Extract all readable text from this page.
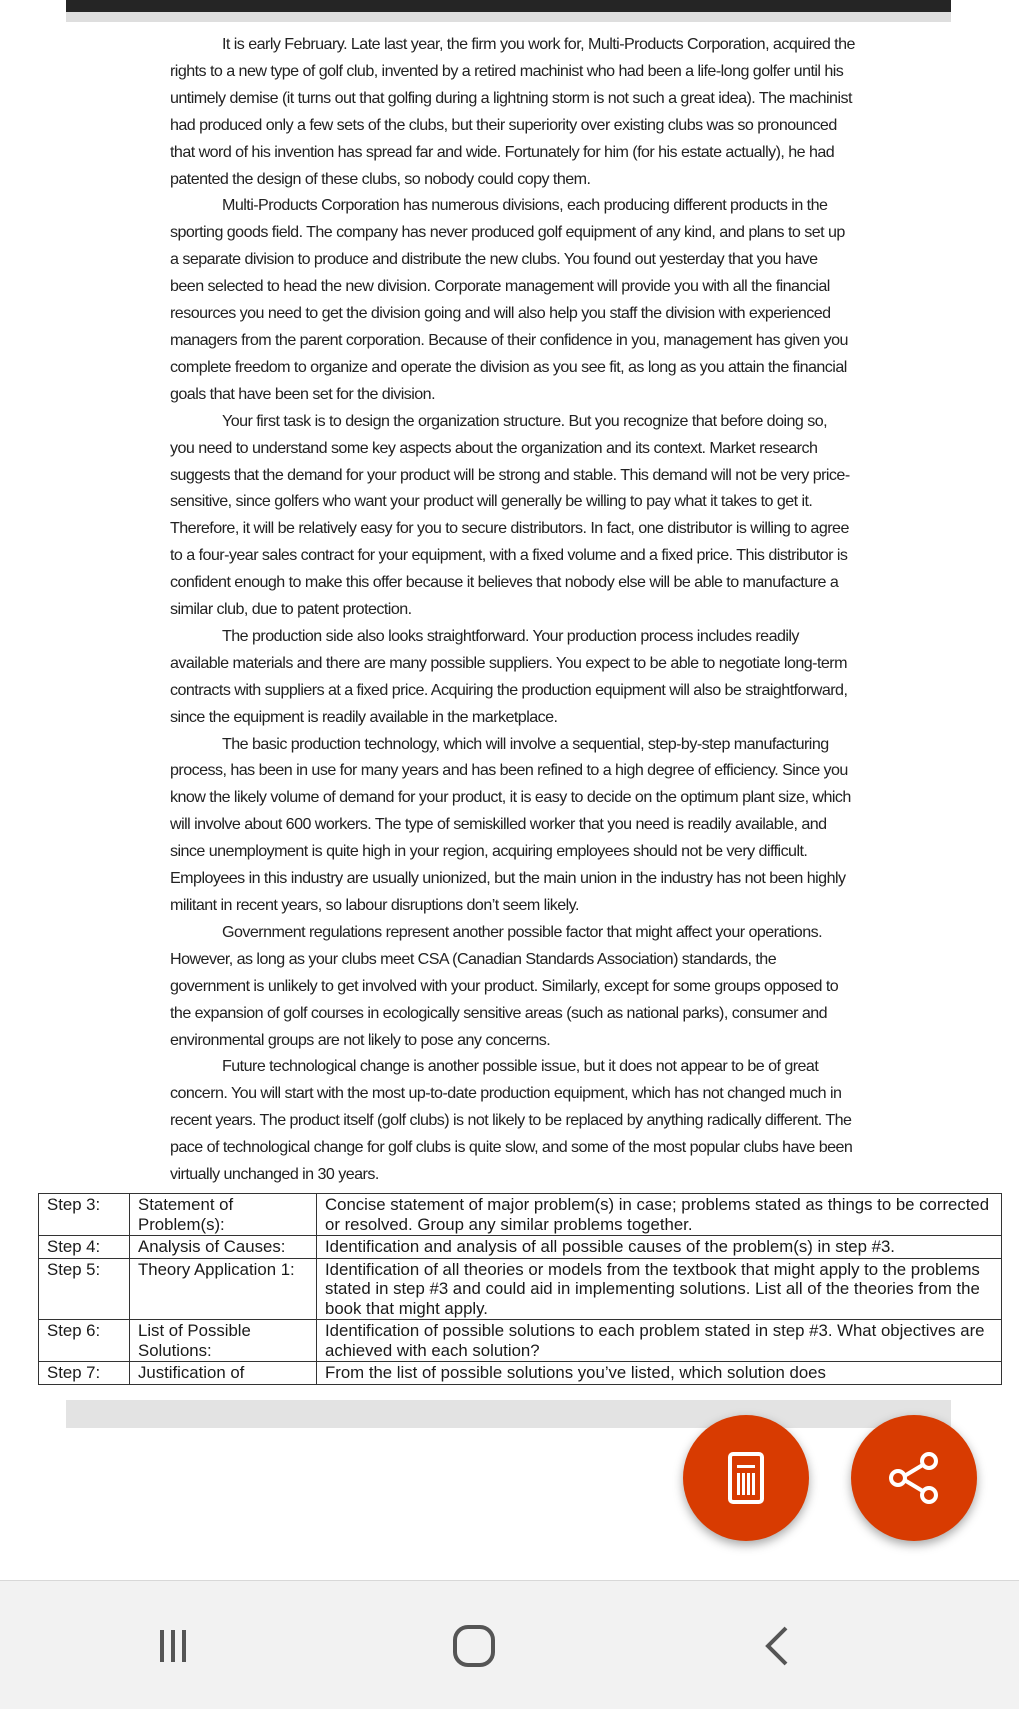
It is early February. Late last year, the firm you work for, Multi-Products Corporation, acquired the rights to a new type of golf club, invented by a retired machinist who had been a life-long golfer until his untimely demise (it turns out that golfing during a lightning storm is not such a great idea). The machinist had produced only a few sets of the clubs, but their superiority over existing clubs was so pronounced that word of his invention has spread far and wide. Fortunately for him (for his estate actually), he had patented the design of these clubs, so nobody could copy them.

Multi-Products Corporation has numerous divisions, each producing different products in the sporting goods field. The company has never produced golf equipment of any kind, and plans to set up a separate division to produce and distribute the new clubs. You found out yesterday that you have been selected to head the new division. Corporate management will provide you with all the financial resources you need to get the division going and will also help you staff the division with experienced managers from the parent corporation. Because of their confidence in you, management has given you complete freedom to organize and operate the division as you see fit, as long as you attain the financial goals that have been set for the division.

Your first task is to design the organization structure. But you recognize that before doing so, you need to understand some key aspects about the organization and its context. Market research suggests that the demand for your product will be strong and stable. This demand will not be very price-sensitive, since golfers who want your product will generally be willing to pay what it takes to get it. Therefore, it will be relatively easy for you to secure distributors. In fact, one distributor is willing to agree to a four-year sales contract for your equipment, with a fixed volume and a fixed price. This distributor is confident enough to make this offer because it believes that nobody else will be able to manufacture a similar club, due to patent protection.

The production side also looks straightforward. Your production process includes readily available materials and there are many possible suppliers. You expect to be able to negotiate long-term contracts with suppliers at a fixed price. Acquiring the production equipment will also be straightforward, since the equipment is readily available in the marketplace.

The basic production technology, which will involve a sequential, step-by-step manufacturing process, has been in use for many years and has been refined to a high degree of efficiency. Since you know the likely volume of demand for your product, it is easy to decide on the optimum plant size, which will involve about 600 workers. The type of semiskilled worker that you need is readily available, and since unemployment is quite high in your region, acquiring employees should not be very difficult. Employees in this industry are usually unionized, but the main union in the industry has not been highly militant in recent years, so labour disruptions don’t seem likely.

Government regulations represent another possible factor that might affect your operations. However, as long as your clubs meet CSA (Canadian Standards Association) standards, the government is unlikely to get involved with your product. Similarly, except for some groups opposed to the expansion of golf courses in ecologically sensitive areas (such as national parks), consumer and environmental groups are not likely to pose any concerns.

Future technological change is another possible issue, but it does not appear to be of great concern. You will start with the most up-to-date production equipment, which has not changed much in recent years. The product itself (golf clubs) is not likely to be replaced by anything radically different. The pace of technological change for golf clubs is quite slow, and some of the most popular clubs have been virtually unchanged in 30 years.

Step 3:	Statement of Problem(s):	Concise statement of major problem(s) in case; problems stated as things to be corrected or resolved. Group any similar problems together.
Step 4:	Analysis of Causes:	Identification and analysis of all possible causes of the problem(s) in step #3.
Step 5:	Theory Application 1:	Identification of all theories or models from the textbook that might apply to the problems stated in step #3 and could aid in implementing solutions. List all of the theories from the book that might apply.
Step 6:	List of Possible Solutions:	Identification of possible solutions to each problem stated in step #3. What objectives are achieved with each solution?
Step 7:	Justification of	From the list of possible solutions you’ve listed, which solution does
